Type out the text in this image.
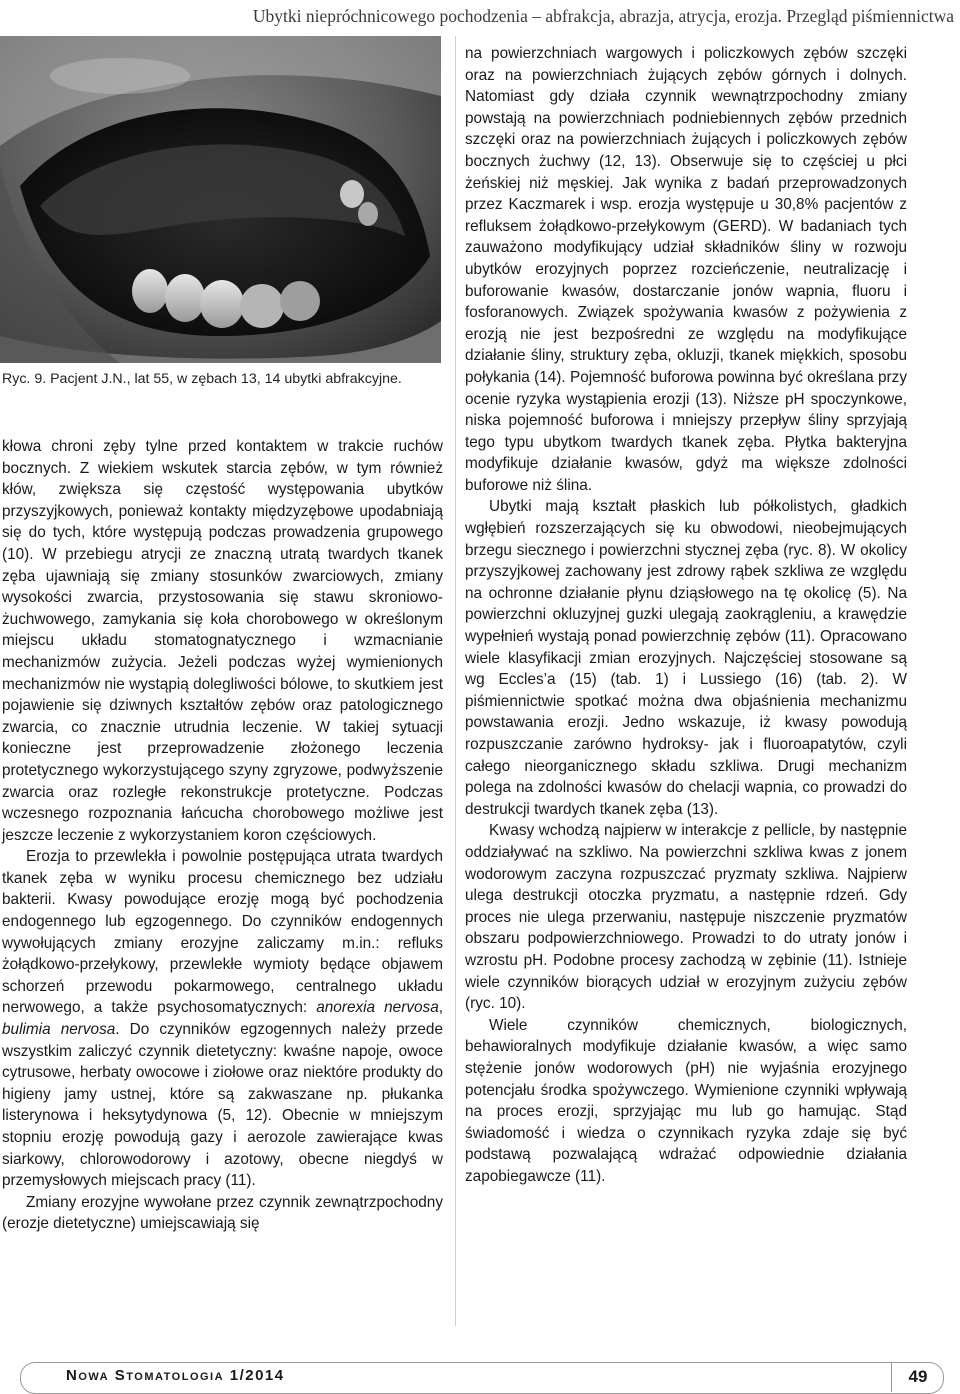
Ubytki niepróchnicowego pochodzenia – abfrakcja, abrazja, atrycja, erozja. Przegląd piśmiennictwa
Ryc. 9. Pacjent J.N., lat 55, w zębach 13, 14 ubytki abfrakcyjne.

kłowa chroni zęby tylne przed kontaktem w trakcie ruchów bocznych. Z wiekiem wskutek starcia zębów, w tym również kłów, zwiększa się częstość występowania ubytków przyszyjkowych, ponieważ kontakty międzyzębowe upodabniają się do tych, które występują podczas prowadzenia grupowego (10). W przebiegu atrycji ze znaczną utratą twardych tkanek zęba ujawniają się zmiany stosunków zwarciowych, zmiany wysokości zwarcia, przystosowania się stawu skroniowo-żuchwowego, zamykania się koła chorobowego w określonym miejscu układu stomatognatycznego i wzmacnianie mechanizmów zużycia. Jeżeli podczas wyżej wymienionych mechanizmów nie wystąpią dolegliwości bólowe, to skutkiem jest pojawienie się dziwnych kształtów zębów oraz patologicznego zwarcia, co znacznie utrudnia leczenie. W takiej sytuacji konieczne jest przeprowadzenie złożonego leczenia protetycznego wykorzystującego szyny zgryzowe, podwyższenie zwarcia oraz rozległe rekonstrukcje protetyczne. Podczas wczesnego rozpoznania łańcucha chorobowego możliwe jest jeszcze leczenie z wykorzystaniem koron częściowych.

Erozja to przewlekła i powolnie postępująca utrata twardych tkanek zęba w wyniku procesu chemicznego bez udziału bakterii. Kwasy powodujące erozję mogą być pochodzenia endogennego lub egzogennego. Do czynników endogennych wywołujących zmiany erozyjne zaliczamy m.in.: refluks żołądkowo-przełykowy, przewlekłe wymioty będące objawem schorzeń przewodu pokarmowego, centralnego układu nerwowego, a także psychosomatycznych: anorexia nervosa, bulimia nervosa. Do czynników egzogennych należy przede wszystkim zaliczyć czynnik dietetyczny: kwaśne napoje, owoce cytrusowe, herbaty owocowe i ziołowe oraz niektóre produkty do higieny jamy ustnej, które są zakwaszane np. płukanka listerynowa i heksytydynowa (5, 12). Obecnie w mniejszym stopniu erozję powodują gazy i aerozole zawierające kwas siarkowy, chlorowodorowy i azotowy, obecne niegdyś w przemysłowych miejscach pracy (11).

Zmiany erozyjne wywołane przez czynnik zewnątrzpochodny (erozje dietetyczne) umiejscawiają się

na powierzchniach wargowych i policzkowych zębów szczęki oraz na powierzchniach żujących zębów górnych i dolnych. Natomiast gdy działa czynnik wewnątrzpochodny zmiany powstają na powierzchniach podniebiennych zębów przednich szczęki oraz na powierzchniach żujących i policzkowych zębów bocznych żuchwy (12, 13). Obserwuje się to częściej u płci żeńskiej niż męskiej. Jak wynika z badań przeprowadzonych przez Kaczmarek i wsp. erozja występuje u 30,8% pacjentów z refluksem żołądkowo-przełykowym (GERD). W badaniach tych zauważono modyfikujący udział składników śliny w rozwoju ubytków erozyjnych poprzez rozcieńczenie, neutralizację i buforowanie kwasów, dostarczanie jonów wapnia, fluoru i fosforanowych. Związek spożywania kwasów z pożywienia z erozją nie jest bezpośredni ze względu na modyfikujące działanie śliny, struktury zęba, okluzji, tkanek miękkich, sposobu połykania (14). Pojemność buforowa powinna być określana przy ocenie ryzyka wystąpienia erozji (13). Niższe pH spoczynkowe, niska pojemność buforowa i mniejszy przepływ śliny sprzyjają tego typu ubytkom twardych tkanek zęba. Płytka bakteryjna modyfikuje działanie kwasów, gdyż ma większe zdolności buforowe niż ślina.

Ubytki mają kształt płaskich lub półkolistych, gładkich wgłębień rozszerzających się ku obwodowi, nieobejmujących brzegu siecznego i powierzchni stycznej zęba (ryc. 8). W okolicy przyszyjkowej zachowany jest zdrowy rąbek szkliwa ze względu na ochronne działanie płynu dziąsłowego na tę okolicę (5). Na powierzchni okluzyjnej guzki ulegają zaokrągleniu, a krawędzie wypełnień wystają ponad powierzchnię zębów (11). Opracowano wiele klasyfikacji zmian erozyjnych. Najczęściej stosowane są wg Eccles’a (15) (tab. 1) i Lussiego (16) (tab. 2). W piśmiennictwie spotkać można dwa objaśnienia mechanizmu powstawania erozji. Jedno wskazuje, iż kwasy powodują rozpuszczanie zarówno hydroksy- jak i fluoroapatytów, czyli całego nieorganicznego składu szkliwa. Drugi mechanizm polega na zdolności kwasów do chelacji wapnia, co prowadzi do destrukcji twardych tkanek zęba (13).

Kwasy wchodzą najpierw w interakcje z pellicle, by następnie oddziaływać na szkliwo. Na powierzchni szkliwa kwas z jonem wodorowym zaczyna rozpuszczać pryzmaty szkliwa. Najpierw ulega destrukcji otoczka pryzmatu, a następnie rdzeń. Gdy proces nie ulega przerwaniu, następuje niszczenie pryzmatów obszaru podpowierzchniowego. Prowadzi to do utraty jonów i wzrostu pH. Podobne procesy zachodzą w zębinie (11). Istnieje wiele czynników biorących udział w erozyjnym zużyciu zębów (ryc. 10).

Wiele czynników chemicznych, biologicznych, behawioralnych modyfikuje działanie kwasów, a więc samo stężenie jonów wodorowych (pH) nie wyjaśnia erozyjnego potencjału środka spożywczego. Wymienione czynniki wpływają na proces erozji, sprzyjając mu lub go hamując. Stąd świadomość i wiedza o czynnikach ryzyka zdaje się być podstawą pozwalającą wdrażać odpowiednie działania zapobiegawcze (11).

Nowa Stomatologia 1/2014	49
